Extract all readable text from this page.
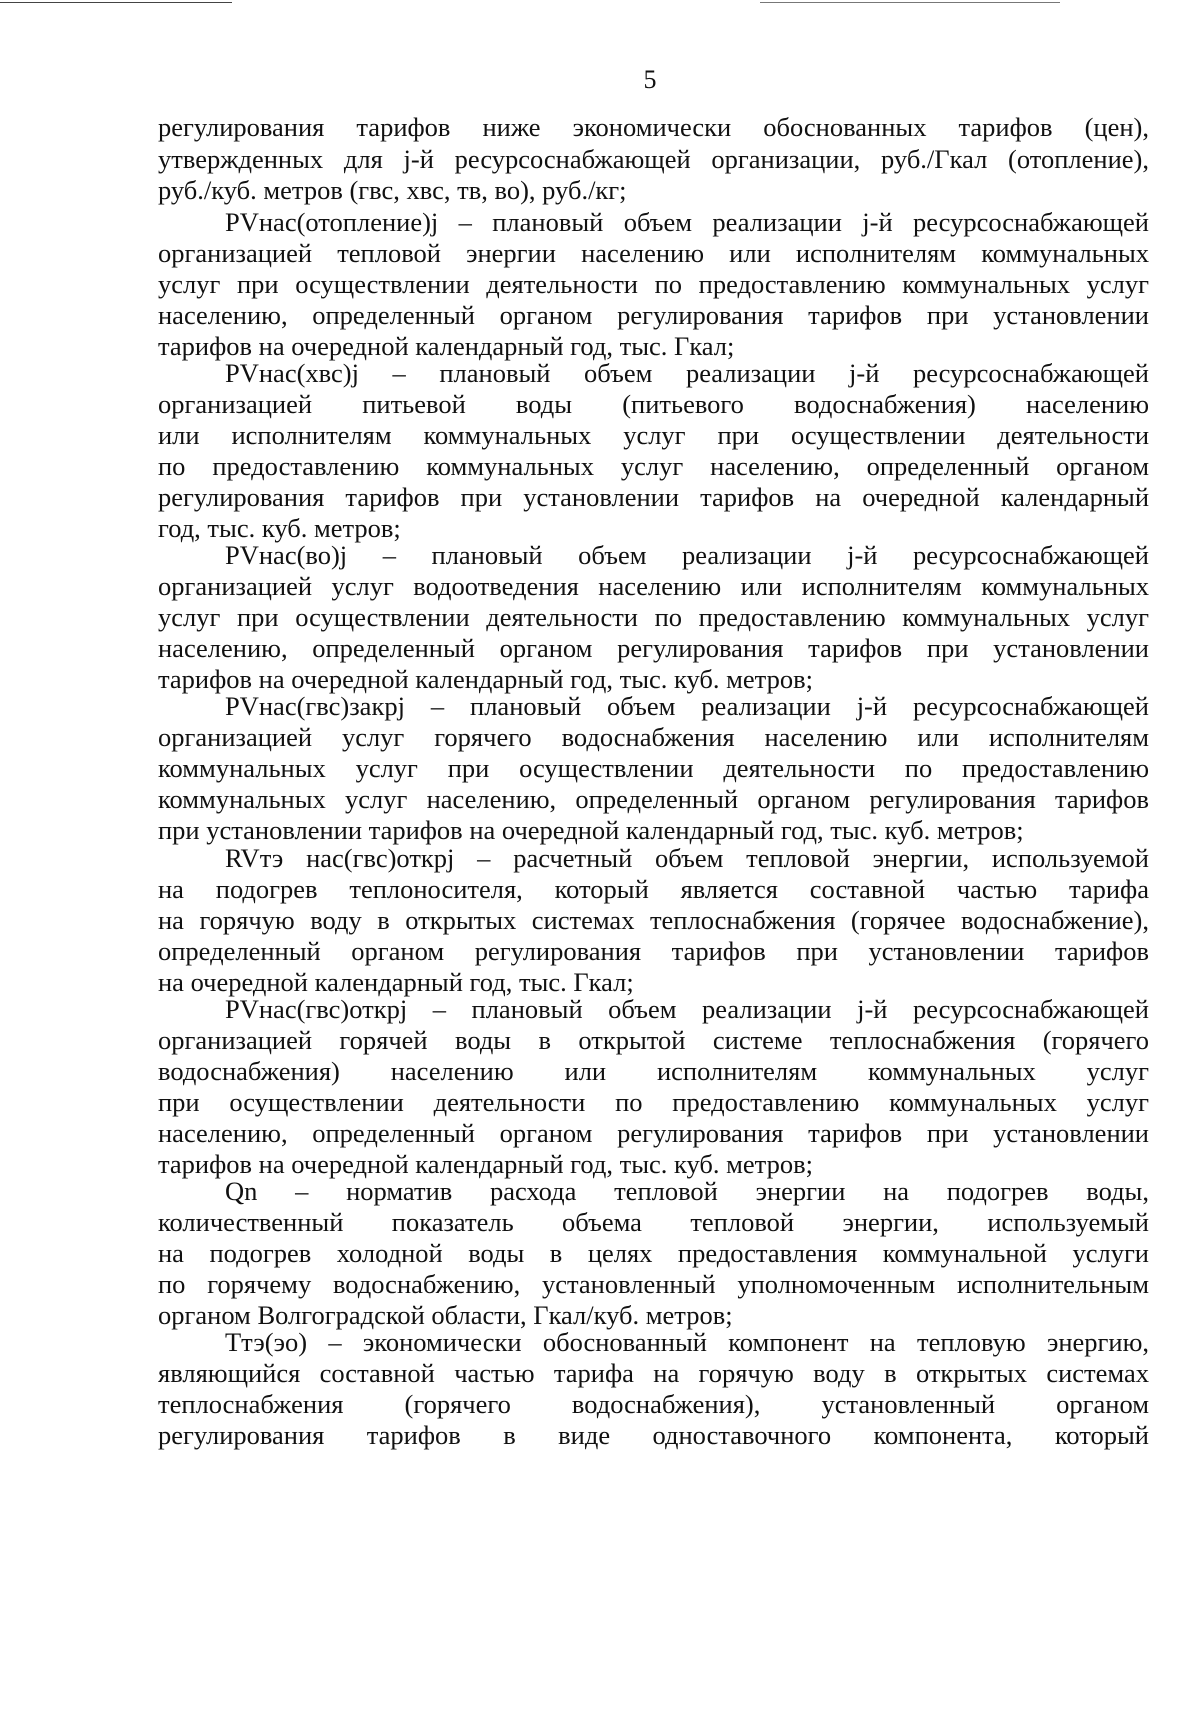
5
регулирования тарифов ниже экономически обоснованных тарифов (цен),
утвержденных для j-й ресурсоснабжающей организации, руб./Гкал (отопление),
руб./куб. метров (гвс, хвс, тв, во), руб./кг;
PVнас(отопление)j – плановый объем реализации j-й ресурсоснабжающей
организацией тепловой энергии населению или исполнителям коммунальных
услуг при осуществлении деятельности по предоставлению коммунальных услуг
населению, определенный органом регулирования тарифов при установлении
тарифов на очередной календарный год, тыс. Гкал;
PVнас(хвс)j – плановый объем реализации j-й ресурсоснабжающей
организацией питьевой воды (питьевого водоснабжения) населению
или исполнителям коммунальных услуг при осуществлении деятельности
по предоставлению коммунальных услуг населению, определенный органом
регулирования тарифов при установлении тарифов на очередной календарный
год, тыс. куб. метров;
PVнас(во)j – плановый объем реализации j-й ресурсоснабжающей
организацией услуг водоотведения населению или исполнителям коммунальных
услуг при осуществлении деятельности по предоставлению коммунальных услуг
населению, определенный органом регулирования тарифов при установлении
тарифов на очередной календарный год, тыс. куб. метров;
PVнас(гвс)закрj – плановый объем реализации j-й ресурсоснабжающей
организацией услуг горячего водоснабжения населению или исполнителям
коммунальных услуг при осуществлении деятельности по предоставлению
коммунальных услуг населению, определенный органом регулирования тарифов
при установлении тарифов на очередной календарный год, тыс. куб. метров;
RVтэ нас(гвс)открj – расчетный объем тепловой энергии, используемой
на подогрев теплоносителя, который является составной частью тарифа
на горячую воду в открытых системах теплоснабжения (горячее водоснабжение),
определенный органом регулирования тарифов при установлении тарифов
на очередной календарный год, тыс. Гкал;
PVнас(гвс)открj – плановый объем реализации j-й ресурсоснабжающей
организацией горячей воды в открытой системе теплоснабжения (горячего
водоснабжения) населению или исполнителям коммунальных услуг
при осуществлении деятельности по предоставлению коммунальных услуг
населению, определенный органом регулирования тарифов при установлении
тарифов на очередной календарный год, тыс. куб. метров;
Qn – норматив расхода тепловой энергии на подогрев воды,
количественный показатель объема тепловой энергии, используемый
на подогрев холодной воды в целях предоставления коммунальной услуги
по горячему водоснабжению, установленный уполномоченным исполнительным
органом Волгоградской области, Гкал/куб. метров;
Ттэ(эо) – экономически обоснованный компонент на тепловую энергию,
являющийся составной частью тарифа на горячую воду в открытых системах
теплоснабжения (горячего водоснабжения), установленный органом
регулирования тарифов в виде одноставочного компонента, который
